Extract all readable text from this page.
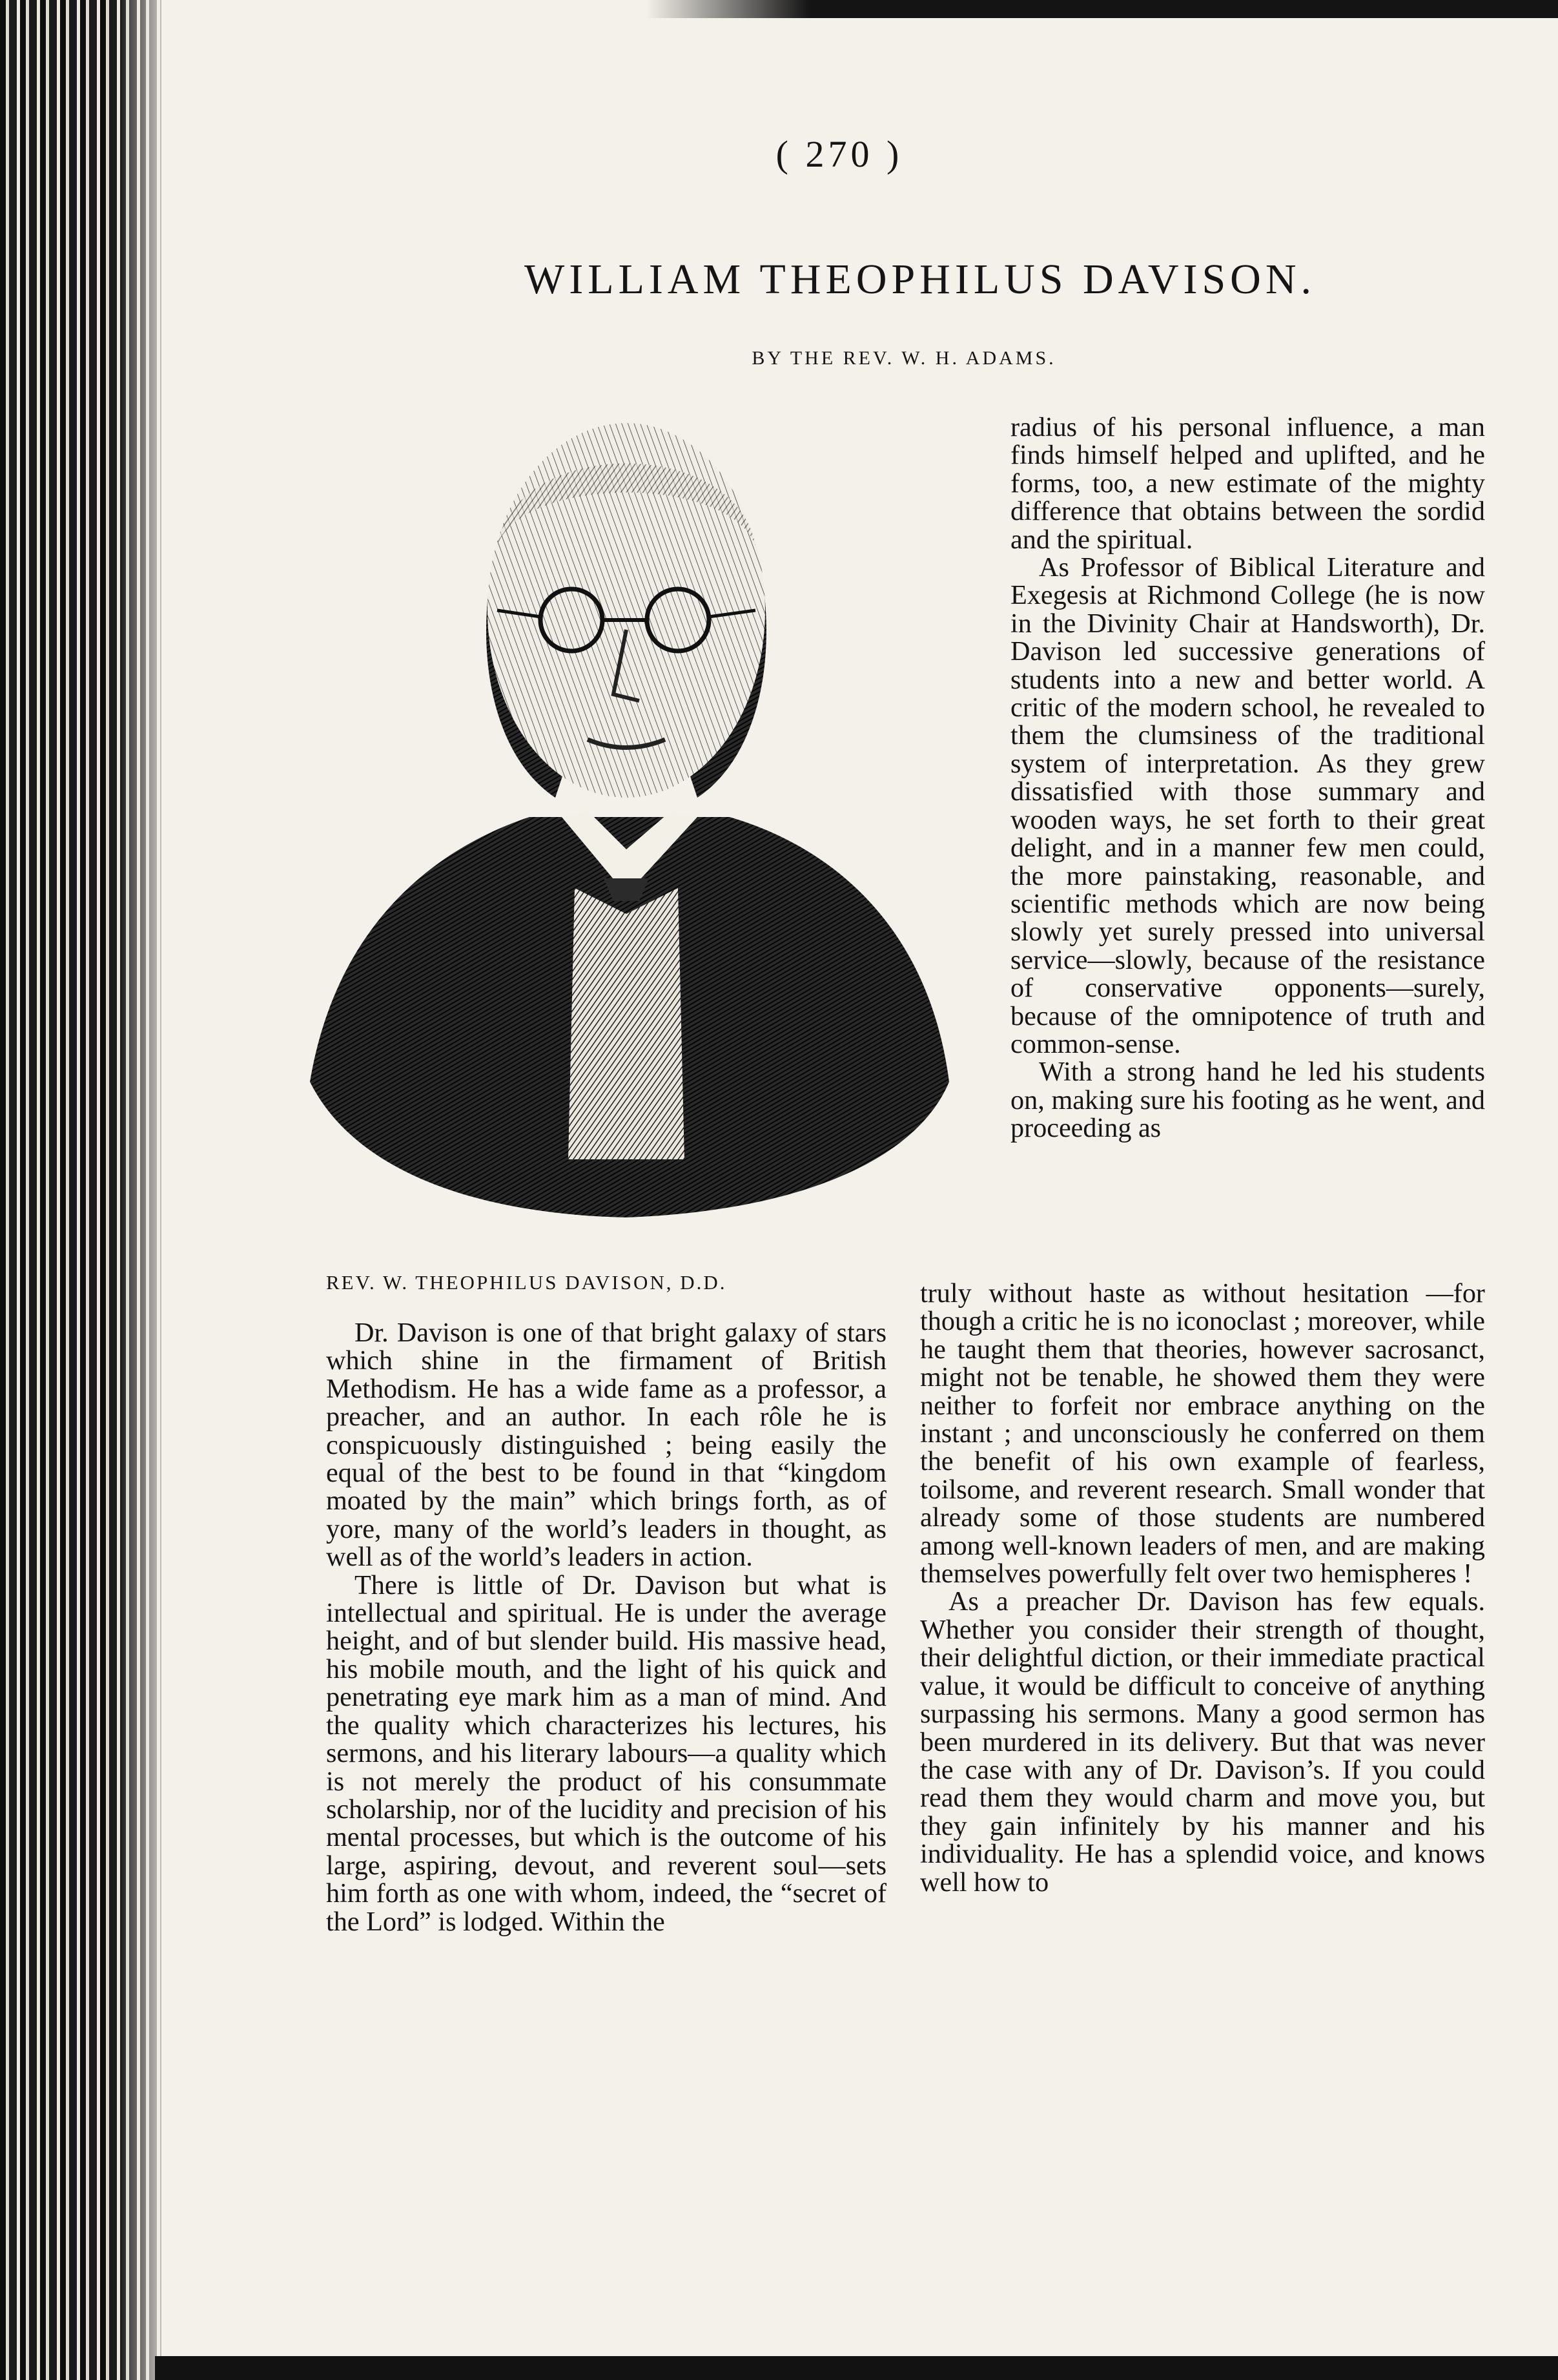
( 270 )
WILLIAM THEOPHILUS DAVISON.
BY THE REV. W. H. ADAMS.
REV. W. THEOPHILUS DAVISON, D.D.

Dr. Davison is one of that bright galaxy of stars which shine in the firmament of British Methodism. He has a wide fame as a professor, a preacher, and an author. In each rôle he is conspicuously distinguished ; being easily the equal of the best to be found in that “kingdom moated by the main” which brings forth, as of yore, many of the world’s leaders in thought, as well as of the world’s leaders in action.

There is little of Dr. Davison but what is intellectual and spiritual. He is under the average height, and of but slender build. His massive head, his mobile mouth, and the light of his quick and penetrating eye mark him as a man of mind. And the quality which characterizes his lectures, his sermons, and his literary labours—a quality which is not merely the product of his consummate scholarship, nor of the lucidity and precision of his mental processes, but which is the outcome of his large, aspiring, devout, and reverent soul—sets him forth as one with whom, indeed, the “secret of the Lord” is lodged. Within the

radius of his personal influence, a man finds himself helped and uplifted, and he forms, too, a new estimate of the mighty difference that obtains between the sordid and the spiritual.

As Professor of Biblical Literature and Exegesis at Richmond College (he is now in the Divinity Chair at Handsworth), Dr. Davison led successive generations of students into a new and better world. A critic of the modern school, he revealed to them the clumsiness of the traditional system of interpretation. As they grew dissatisfied with those summary and wooden ways, he set forth to their great delight, and in a manner few men could, the more painstaking, reasonable, and scientific methods which are now being slowly yet surely pressed into universal service—slowly, because of the resistance of conservative opponents—surely, because of the omnipotence of truth and common-sense.

With a strong hand he led his students on, making sure his footing as he went, and proceeding as

truly without haste as without hesitation —for though a critic he is no iconoclast ; moreover, while he taught them that theories, however sacrosanct, might not be tenable, he showed them they were neither to forfeit nor embrace anything on the instant ; and unconsciously he conferred on them the benefit of his own example of fearless, toilsome, and reverent research. Small wonder that already some of those students are numbered among well-known leaders of men, and are making themselves powerfully felt over two hemispheres !

As a preacher Dr. Davison has few equals. Whether you consider their strength of thought, their delightful diction, or their immediate practical value, it would be difficult to conceive of anything surpassing his sermons. Many a good sermon has been murdered in its delivery. But that was never the case with any of Dr. Davison’s. If you could read them they would charm and move you, but they gain infinitely by his manner and his individuality. He has a splendid voice, and knows well how to
